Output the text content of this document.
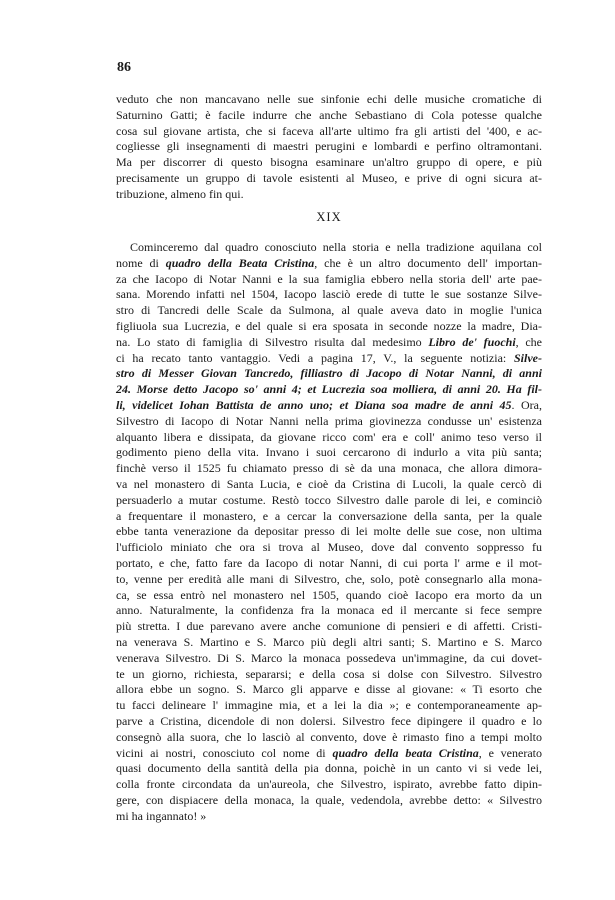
86
veduto che non mancavano nelle sue sinfonie echi delle musiche cromatiche di
Saturnino Gatti; è facile indurre che anche Sebastiano di Cola potesse qualche
cosa sul giovane artista, che si faceva all'arte ultimo fra gli artisti del '400, e ac-
cogliesse gli insegnamenti di maestri perugini e lombardi e perfino oltramontani.
Ma per discorrer di questo bisogna esaminare un'altro gruppo di opere, e più
precisamente un gruppo di tavole esistenti al Museo, e prive di ogni sicura at-
tribuzione, almeno fin qui.
XIX
Cominceremo dal quadro conosciuto nella storia e nella tradizione aquilana col
nome di quadro della Beata Cristina, che è un altro documento dell' importan-
za che Iacopo di Notar Nanni e la sua famiglia ebbero nella storia dell' arte pae-
sana. Morendo infatti nel 1504, Iacopo lasciò erede di tutte le sue sostanze Silve-
stro di Tancredi delle Scale da Sulmona, al quale aveva dato in moglie l'unica
figliuola sua Lucrezia, e del quale si era sposata in seconde nozze la madre, Dia-
na. Lo stato di famiglia di Silvestro risulta dal medesimo Libro de' fuochi, che
ci ha recato tanto vantaggio. Vedi a pagina 17, V., la seguente notizia: Silve-
stro di Messer Giovan Tancredo, filliastro di Jacopo di Notar Nanni, di anni
24. Morse detto Jacopo so' anni 4; et Lucrezia soa molliera, di anni 20. Ha fil-
li, videlicet Iohan Battista de anno uno; et Diana soa madre de anni 45. Ora,
Silvestro di Iacopo di Notar Nanni nella prima giovinezza condusse un' esistenza
alquanto libera e dissipata, da giovane ricco com' era e coll' animo teso verso il
godimento pieno della vita. Invano i suoi cercarono di indurlo a vita più santa;
finchè verso il 1525 fu chiamato presso di sè da una monaca, che allora dimora-
va nel monastero di Santa Lucia, e cioè da Cristina di Lucoli, la quale cercò di
persuaderlo a mutar costume. Restò tocco Silvestro dalle parole di lei, e cominciò
a frequentare il monastero, e a cercar la conversazione della santa, per la quale
ebbe tanta venerazione da depositar presso di lei molte delle sue cose, non ultima
l'ufficiolo miniato che ora si trova al Museo, dove dal convento soppresso fu
portato, e che, fatto fare da Iacopo di notar Nanni, di cui porta l' arme e il mot-
to, venne per eredità alle mani di Silvestro, che, solo, potè consegnarlo alla mona-
ca, se essa entrò nel monastero nel 1505, quando cioè Iacopo era morto da un
anno. Naturalmente, la confidenza fra la monaca ed il mercante si fece sempre
più stretta. I due parevano avere anche comunione di pensieri e di affetti. Cristi-
na venerava S. Martino e S. Marco più degli altri santi; S. Martino e S. Marco
venerava Silvestro. Di S. Marco la monaca possedeva un'immagine, da cui dovet-
te un giorno, richiesta, separarsi; e della cosa si dolse con Silvestro. Silvestro
allora ebbe un sogno. S. Marco gli apparve e disse al giovane: « Ti esorto che
tu facci delineare l' immagine mia, et a lei la dia »; e contemporaneamente ap-
parve a Cristina, dicendole di non dolersi. Silvestro fece dipingere il quadro e lo
consegnò alla suora, che lo lasciò al convento, dove è rimasto fino a tempi molto
vicini ai nostri, conosciuto col nome di quadro della beata Cristina, e venerato
quasi documento della santità della pia donna, poichè in un canto vi si vede lei,
colla fronte circondata da un'aureola, che Silvestro, ispirato, avrebbe fatto dipin-
gere, con dispiacere della monaca, la quale, vedendola, avrebbe detto: « Silvestro
mi ha ingannato! »
